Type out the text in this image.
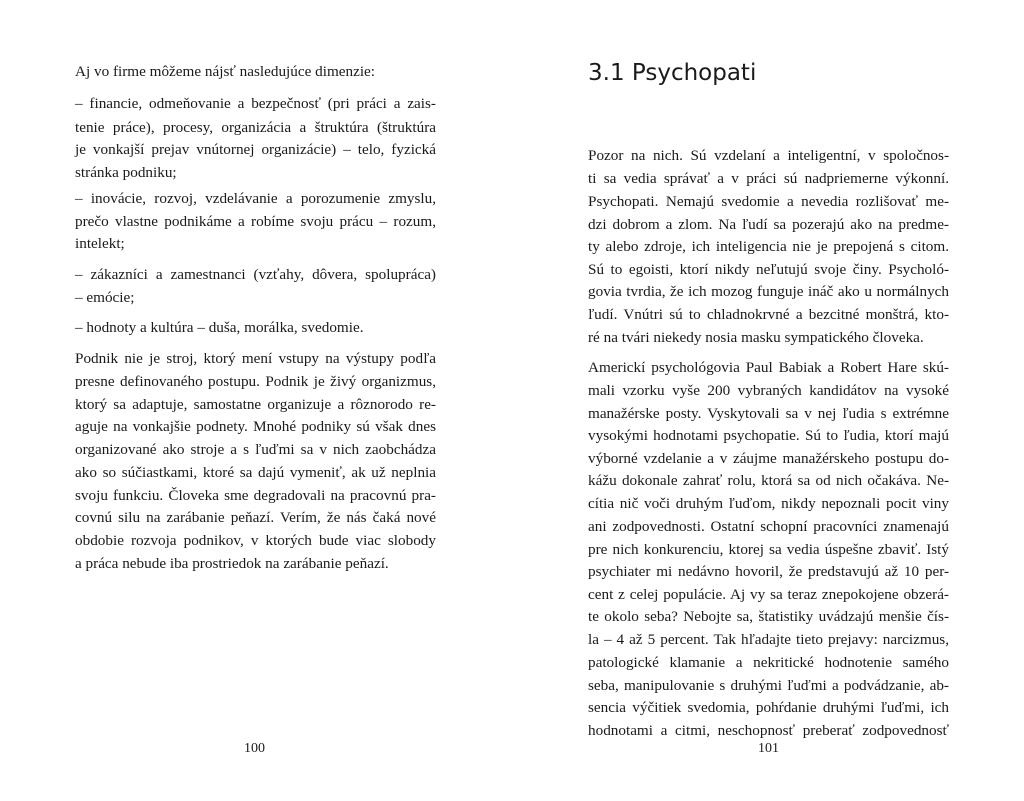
Aj vo firme môžeme nájsť nasledujúce dimenzie:
– financie, odmeňovanie a bezpečnosť (pri práci a zais-
tenie práce), procesy, organizácia a štruktúra (štruktúra
je vonkajší prejav vnútornej organizácie) – telo, fyzická
stránka podniku;
– inovácie, rozvoj, vzdelávanie a porozumenie zmyslu,
prečo vlastne podnikáme a robíme svoju prácu – rozum,
intelekt;
– zákazníci a zamestnanci (vzťahy, dôvera, spolupráca)
– emócie;
– hodnoty a kultúra – duša, morálka, svedomie.
Podnik nie je stroj, ktorý mení vstupy na výstupy podľa
presne definovaného postupu. Podnik je živý organizmus,
ktorý sa adaptuje, samostatne organizuje a rôznorodo re-
aguje na vonkajšie podnety. Mnohé podniky sú však dnes
organizované ako stroje a s ľuďmi sa v nich zaobchádza
ako so súčiastkami, ktoré sa dajú vymeniť, ak už neplnia
svoju funkciu. Človeka sme degradovali na pracovnú pra-
covnú silu na zarábanie peňazí. Verím, že nás čaká nové
obdobie rozvoja podnikov, v ktorých bude viac slobody
a práca nebude iba prostriedok na zarábanie peňazí.
100
3.1 Psychopati
Pozor na nich. Sú vzdelaní a inteligentní, v spoločnos-
ti sa vedia správať a v práci sú nadpriemerne výkonní.
Psychopati. Nemajú svedomie a nevedia rozlišovať me-
dzi dobrom a zlom. Na ľudí sa pozerajú ako na predme-
ty alebo zdroje, ich inteligencia nie je prepojená s citom.
Sú to egoisti, ktorí nikdy neľutujú svoje činy. Psycholó-
govia tvrdia, že ich mozog funguje ináč ako u normálnych
ľudí. Vnútri sú to chladnokrvné a bezcitné monštrá, kto-
ré na tvári niekedy nosia masku sympatického človeka.
Americkí psychológovia Paul Babiak a Robert Hare skú-
mali vzorku vyše 200 vybraných kandidátov na vysoké
manažérske posty. Vyskytovali sa v nej ľudia s extrémne
vysokými hodnotami psychopatie. Sú to ľudia, ktorí majú
výborné vzdelanie a v záujme manažérskeho postupu do-
kážu dokonale zahrať rolu, ktorá sa od nich očakáva. Ne-
cítia nič voči druhým ľuďom, nikdy nepoznali pocit viny
ani zodpovednosti. Ostatní schopní pracovníci znamenajú
pre nich konkurenciu, ktorej sa vedia úspešne zbaviť. Istý
psychiater mi nedávno hovoril, že predstavujú až 10 per-
cent z celej populácie. Aj vy sa teraz znepokojene obzerá-
te okolo seba? Nebojte sa, štatistiky uvádzajú menšie čís-
la – 4 až 5 percent. Tak hľadajte tieto prejavy: narcizmus,
patologické klamanie a nekritické hodnotenie samého
seba, manipulovanie s druhými ľuďmi a podvádzanie, ab-
sencia výčitiek svedomia, pohŕdanie druhými ľuďmi, ich
hodnotami a citmi, neschopnosť preberať zodpovednosť
101
